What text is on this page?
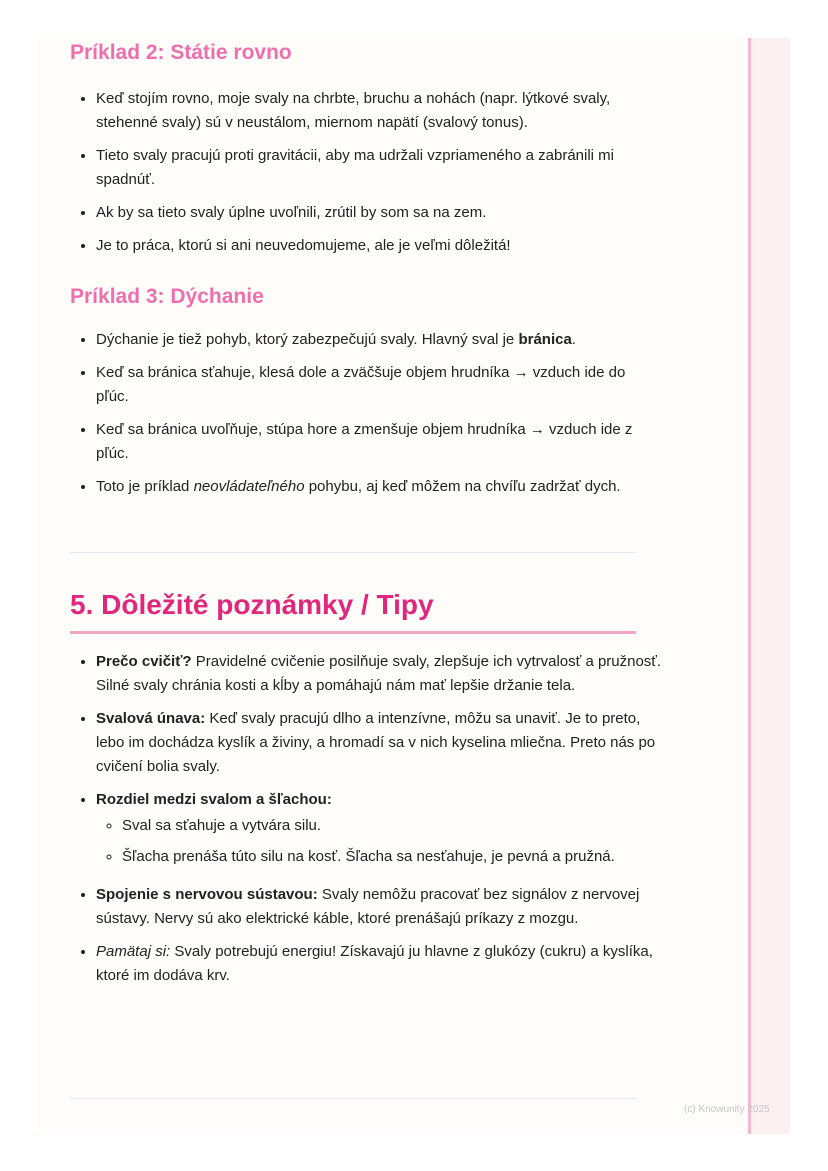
Príklad 2: Státie rovno
• Keď stojím rovno, moje svaly na chrbte, bruchu a nohách (napr. lýtkové svaly, stehenné svaly) sú v neustálom, miernom napätí (svalový tonus).
• Tieto svaly pracujú proti gravitácii, aby ma udržali vzpriameného a zabránili mi spadnúť.
• Ak by sa tieto svaly úplne uvoľnili, zrútil by som sa na zem.
• Je to práca, ktorú si ani neuvedomujeme, ale je veľmi dôležitá!
Príklad 3: Dýchanie
• Dýchanie je tiež pohyb, ktorý zabezpečujú svaly. Hlavný sval je bránica.
• Keď sa bránica sťahuje, klesá dole a zväčšuje objem hrudníka → vzduch ide do pľúc.
• Keď sa bránica uvoľňuje, stúpa hore a zmenšuje objem hrudníka → vzduch ide z pľúc.
• Toto je príklad neovládateľného pohybu, aj keď môžem na chvíľu zadržať dych.
5. Dôležité poznámky / Tipy
• Prečo cvičiť? Pravidelné cvičenie posilňuje svaly, zlepšuje ich vytrvalosť a pružnosť. Silné svaly chránia kosti a kĺby a pomáhajú nám mať lepšie držanie tela.
• Svalová únava: Keď svaly pracujú dlho a intenzívne, môžu sa unaviť. Je to preto, lebo im dochádza kyslík a živiny, a hromadí sa v nich kyselina mliečna. Preto nás po cvičení bolia svaly.
• Rozdiel medzi svalom a šľachou:
◦ Sval sa sťahuje a vytvára silu.
◦ Šľacha prenáša túto silu na kosť. Šľacha sa nesťahuje, je pevná a pružná.
• Spojenie s nervovou sústavou: Svaly nemôžu pracovať bez signálov z nervovej sústavy. Nervy sú ako elektrické káble, ktoré prenášajú príkazy z mozgu.
• Pamätaj si: Svaly potrebujú energiu! Získavajú ju hlavne z glukózy (cukru) a kyslíka, ktoré im dodáva krv.
(c) Knowunity 2025
